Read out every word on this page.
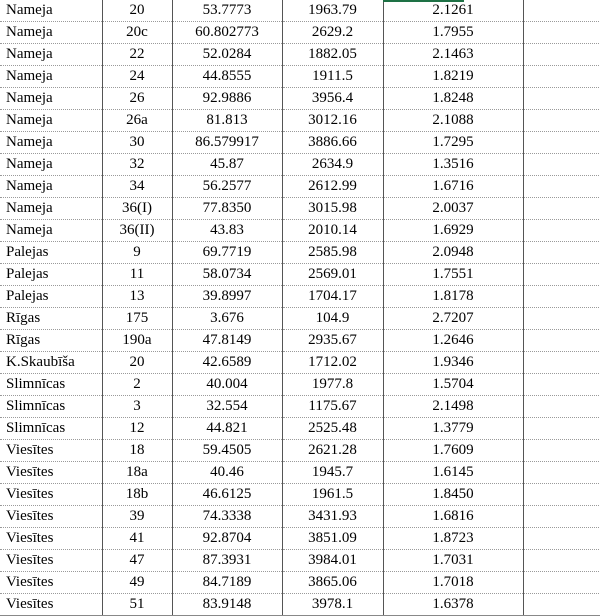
Nameja	20	53.7773	1963.79	2.1261	
Nameja	20c	60.802773	2629.2	1.7955	
Nameja	22	52.0284	1882.05	2.1463	
Nameja	24	44.8555	1911.5	1.8219	
Nameja	26	92.9886	3956.4	1.8248	
Nameja	26a	81.813	3012.16	2.1088	
Nameja	30	86.579917	3886.66	1.7295	
Nameja	32	45.87	2634.9	1.3516	
Nameja	34	56.2577	2612.99	1.6716	
Nameja	36(I)	77.8350	3015.98	2.0037	
Nameja	36(II)	43.83	2010.14	1.6929	
Palejas	9	69.7719	2585.98	2.0948	
Palejas	11	58.0734	2569.01	1.7551	
Palejas	13	39.8997	1704.17	1.8178	
Rīgas	175	3.676	104.9	2.7207	
Rīgas	190a	47.8149	2935.67	1.2646	
K.Skaubīša	20	42.6589	1712.02	1.9346	
Slimnīcas	2	40.004	1977.8	1.5704	
Slimnīcas	3	32.554	1175.67	2.1498	
Slimnīcas	12	44.821	2525.48	1.3779	
Viesītes	18	59.4505	2621.28	1.7609	
Viesītes	18a	40.46	1945.7	1.6145	
Viesītes	18b	46.6125	1961.5	1.8450	
Viesītes	39	74.3338	3431.93	1.6816	
Viesītes	41	92.8704	3851.09	1.8723	
Viesītes	47	87.3931	3984.01	1.7031	
Viesītes	49	84.7189	3865.06	1.7018	
Viesītes	51	83.9148	3978.1	1.6378	
